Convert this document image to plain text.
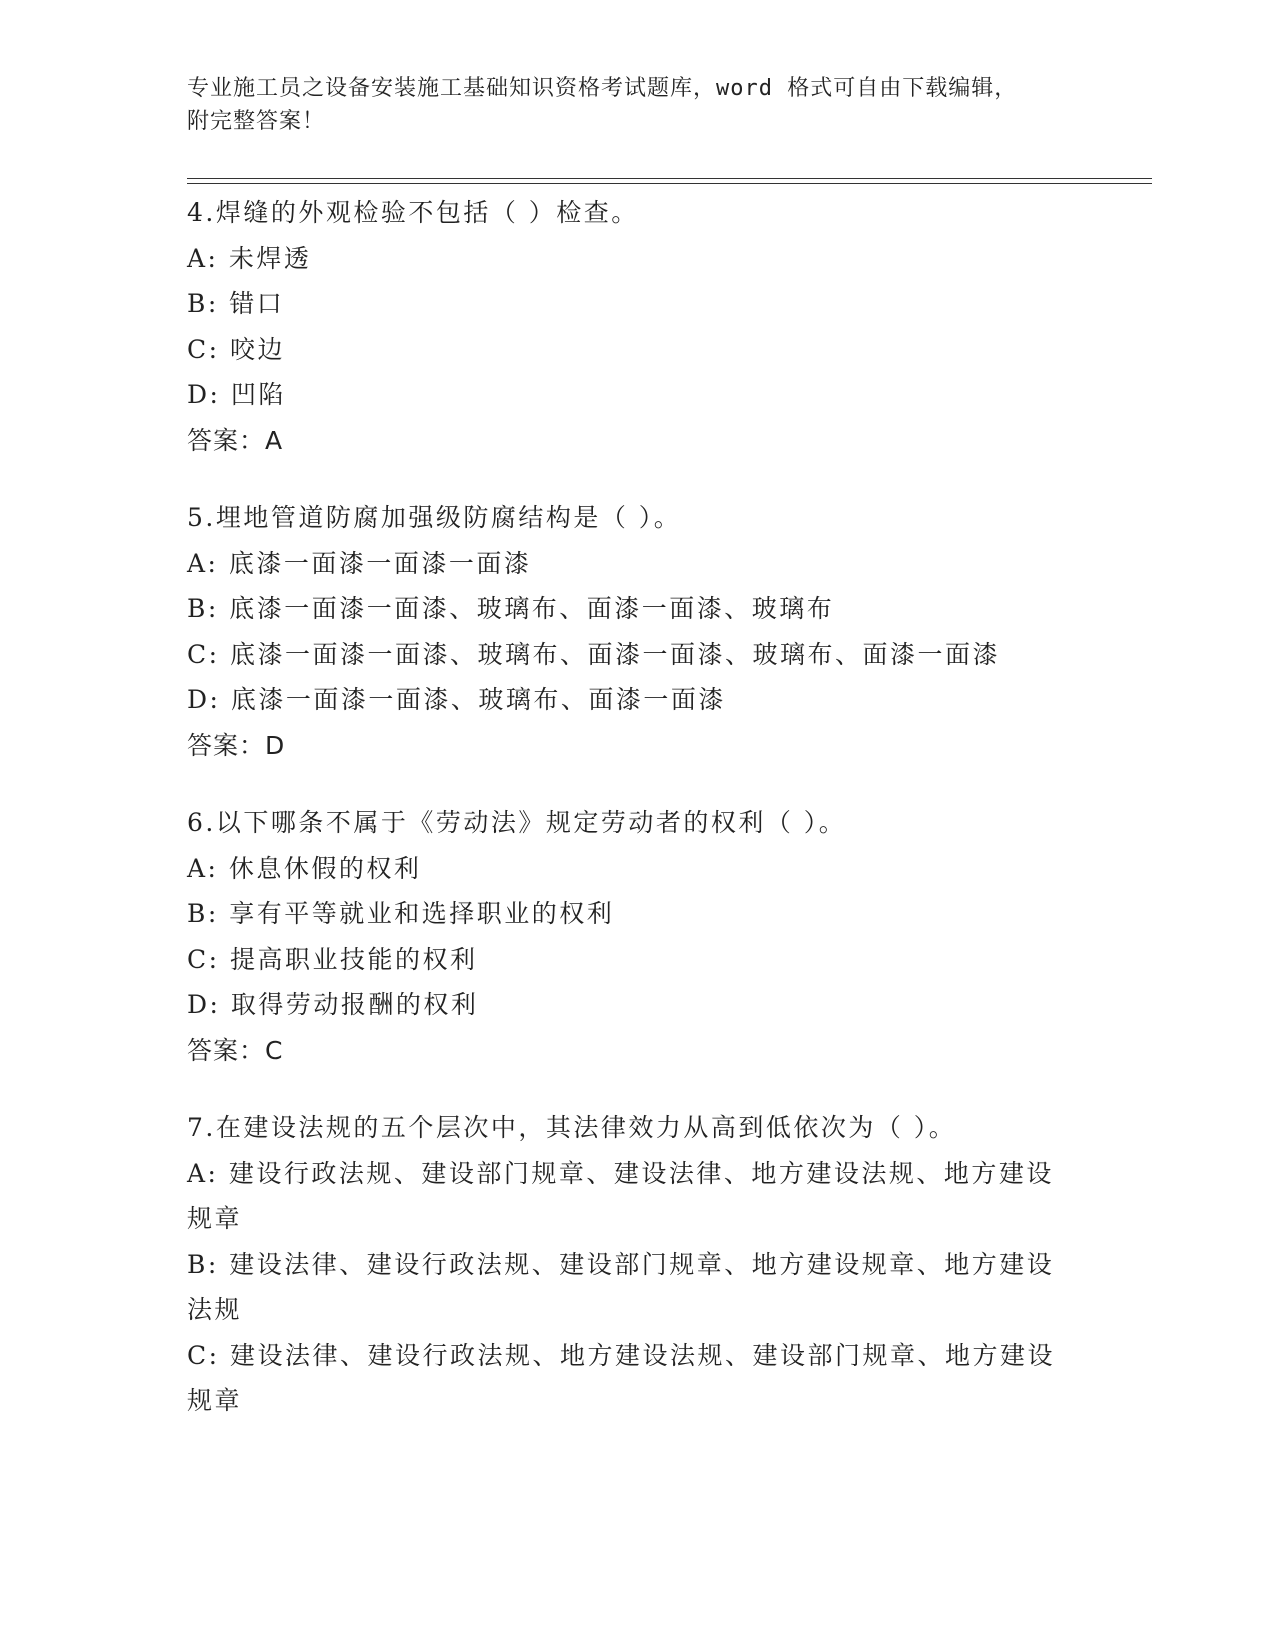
专业施工员之设备安装施工基础知识资格考试题库，word 格式可自由下载编辑，
附完整答案！
4.焊缝的外观检验不包括（ ）检查。
A: 未焊透
B: 错口
C: 咬边
D: 凹陷
答案：A
5.埋地管道防腐加强级防腐结构是（ ）。
A: 底漆一面漆一面漆一面漆
B: 底漆一面漆一面漆、玻璃布、面漆一面漆、玻璃布
C: 底漆一面漆一面漆、玻璃布、面漆一面漆、玻璃布、面漆一面漆
D: 底漆一面漆一面漆、玻璃布、面漆一面漆
答案：D
6.以下哪条不属于《劳动法》规定劳动者的权利（ ）。
A: 休息休假的权利
B: 享有平等就业和选择职业的权利
C: 提高职业技能的权利
D: 取得劳动报酬的权利
答案：C
7.在建设法规的五个层次中，其法律效力从高到低依次为（ ）。
A: 建设行政法规、建设部门规章、建设法律、地方建设法规、地方建设规章
B: 建设法律、建设行政法规、建设部门规章、地方建设规章、地方建设法规
C: 建设法律、建设行政法规、地方建设法规、建设部门规章、地方建设规章
